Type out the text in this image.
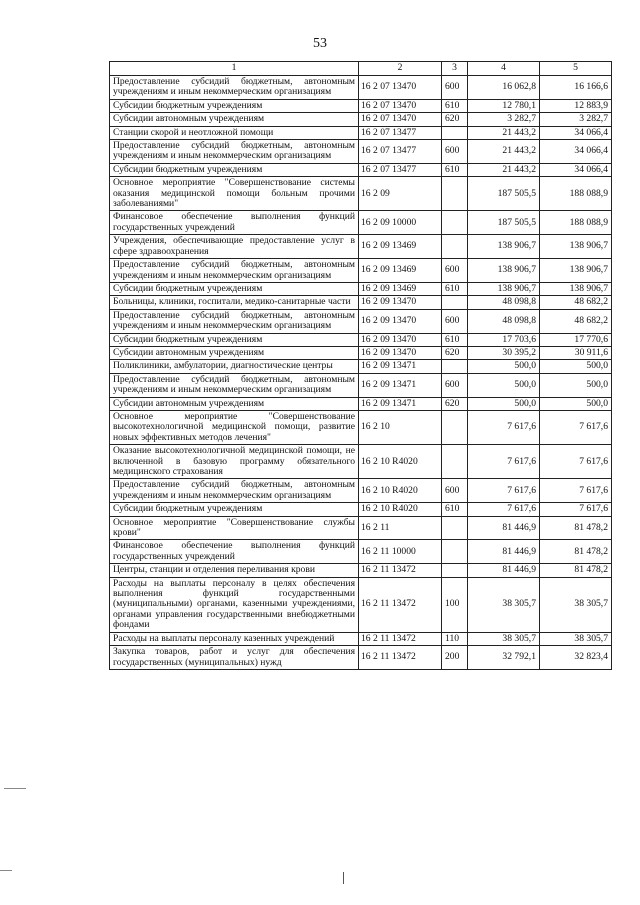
53
1	2	3	4	5
Предоставление субсидий бюджетным, автономным учреждениям и иным некоммерческим организациям	16 2 07 13470	600	16 062,8	16 166,6
Субсидии бюджетным учреждениям	16 2 07 13470	610	12 780,1	12 883,9
Субсидии автономным учреждениям	16 2 07 13470	620	3 282,7	3 282,7
Станции скорой и неотложной помощи	16 2 07 13477		21 443,2	34 066,4
Предоставление субсидий бюджетным, автономным учреждениям и иным некоммерческим организациям	16 2 07 13477	600	21 443,2	34 066,4
Субсидии бюджетным учреждениям	16 2 07 13477	610	21 443,2	34 066,4
Основное мероприятие "Совершенствование системы оказания медицинской помощи больным прочими заболеваниями"	16 2 09		187 505,5	188 088,9
Финансовое обеспечение выполнения функций государственных учреждений	16 2 09 10000		187 505,5	188 088,9
Учреждения, обеспечивающие предоставление услуг в сфере здравоохранения	16 2 09 13469		138 906,7	138 906,7
Предоставление субсидий бюджетным, автономным учреждениям и иным некоммерческим организациям	16 2 09 13469	600	138 906,7	138 906,7
Субсидии бюджетным учреждениям	16 2 09 13469	610	138 906,7	138 906,7
Больницы, клиники, госпитали, медико-санитарные части	16 2 09 13470		48 098,8	48 682,2
Предоставление субсидий бюджетным, автономным учреждениям и иным некоммерческим организациям	16 2 09 13470	600	48 098,8	48 682,2
Субсидии бюджетным учреждениям	16 2 09 13470	610	17 703,6	17 770,6
Субсидии автономным учреждениям	16 2 09 13470	620	30 395,2	30 911,6
Поликлиники, амбулатории, диагностические центры	16 2 09 13471		500,0	500,0
Предоставление субсидий бюджетным, автономным учреждениям и иным некоммерческим организациям	16 2 09 13471	600	500,0	500,0
Субсидии автономным учреждениям	16 2 09 13471	620	500,0	500,0
Основное мероприятие "Совершенствование высокотехнологичной медицинской помощи, развитие новых эффективных методов лечения"	16 2 10		7 617,6	7 617,6
Оказание высокотехнологичной медицинской помощи, не включенной в базовую программу обязательного медицинского страхования	16 2 10 R4020		7 617,6	7 617,6
Предоставление субсидий бюджетным, автономным учреждениям и иным некоммерческим организациям	16 2 10 R4020	600	7 617,6	7 617,6
Субсидии бюджетным учреждениям	16 2 10 R4020	610	7 617,6	7 617,6
Основное мероприятие "Совершенствование службы крови"	16 2 11		81 446,9	81 478,2
Финансовое обеспечение выполнения функций государственных учреждений	16 2 11 10000		81 446,9	81 478,2
Центры, станции и отделения переливания крови	16 2 11 13472		81 446,9	81 478,2
Расходы на выплаты персоналу в целях обеспечения выполнения функций государственными (муниципальными) органами, казенными учреждениями, органами управления государственными внебюджетными фондами	16 2 11 13472	100	38 305,7	38 305,7
Расходы на выплаты персоналу казенных учреждений	16 2 11 13472	110	38 305,7	38 305,7
Закупка товаров, работ и услуг для обеспечения государственных (муниципальных) нужд	16 2 11 13472	200	32 792,1	32 823,4
